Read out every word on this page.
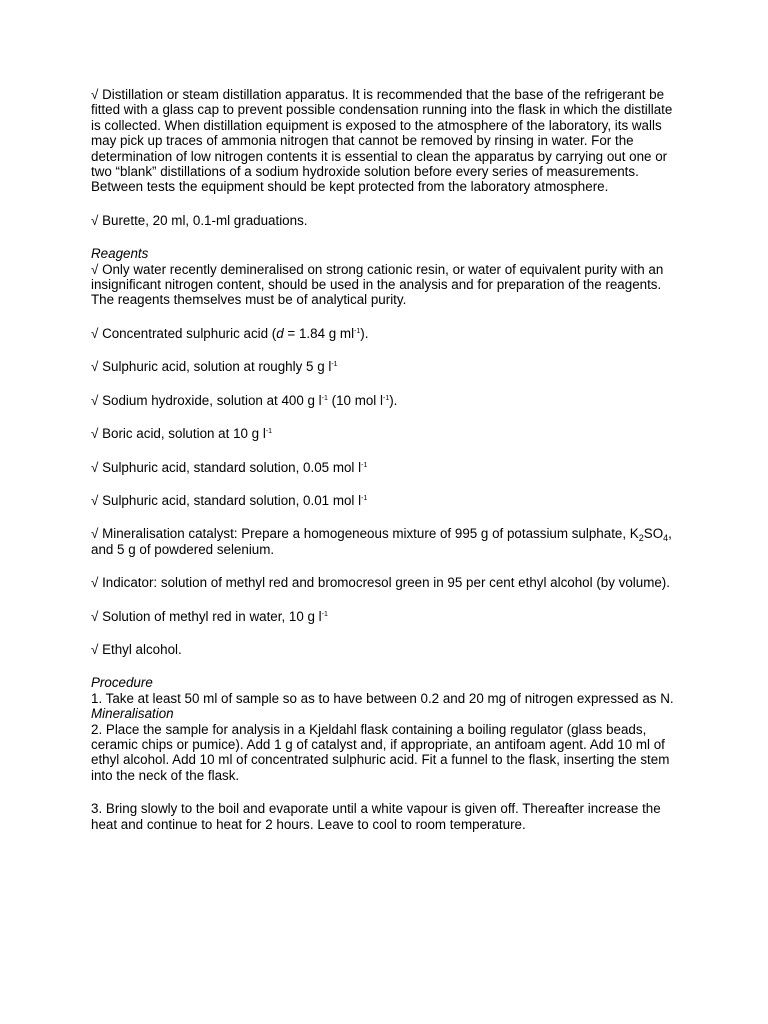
√ Distillation or steam distillation apparatus. It is recommended that the base of the refrigerant be fitted with a glass cap to prevent possible condensation running into the flask in which the distillate is collected. When distillation equipment is exposed to the atmosphere of the laboratory, its walls may pick up traces of ammonia nitrogen that cannot be removed by rinsing in water. For the determination of low nitrogen contents it is essential to clean the apparatus by carrying out one or two “blank” distillations of a sodium hydroxide solution before every series of measurements. Between tests the equipment should be kept protected from the laboratory atmosphere.

√ Burette, 20 ml, 0.1-ml graduations.

Reagents

√ Only water recently demineralised on strong cationic resin, or water of equivalent purity with an insignificant nitrogen content, should be used in the analysis and for preparation of the reagents. The reagents themselves must be of analytical purity.

√ Concentrated sulphuric acid (d = 1.84 g $ml^{-1}$).

√ Sulphuric acid, solution at roughly 5 g $l^{-1}$

√ Sodium hydroxide, solution at 400 g $l^{-1}$ (10 mol $l^{-1}$).

√ Boric acid, solution at 10 g $l^{-1}$

√ Sulphuric acid, standard solution, 0.05 mol $l^{-1}$

√ Sulphuric acid, standard solution, 0.01 mol $l^{-1}$

√ Mineralisation catalyst: Prepare a homogeneous mixture of 995 g of potassium sulphate, $K_2SO_4$, and 5 g of powdered selenium.

√ Indicator: solution of methyl red and bromocresol green in 95 per cent ethyl alcohol (by volume).

√ Solution of methyl red in water, 10 g $l^{-1}$

√ Ethyl alcohol.

Procedure

1. Take at least 50 ml of sample so as to have between 0.2 and 20 mg of nitrogen expressed as N.

Mineralisation

2. Place the sample for analysis in a Kjeldahl flask containing a boiling regulator (glass beads, ceramic chips or pumice). Add 1 g of catalyst and, if appropriate, an antifoam agent. Add 10 ml of ethyl alcohol. Add 10 ml of concentrated sulphuric acid. Fit a funnel to the flask, inserting the stem into the neck of the flask.

3. Bring slowly to the boil and evaporate until a white vapour is given off. Thereafter increase the heat and continue to heat for 2 hours. Leave to cool to room temperature.
